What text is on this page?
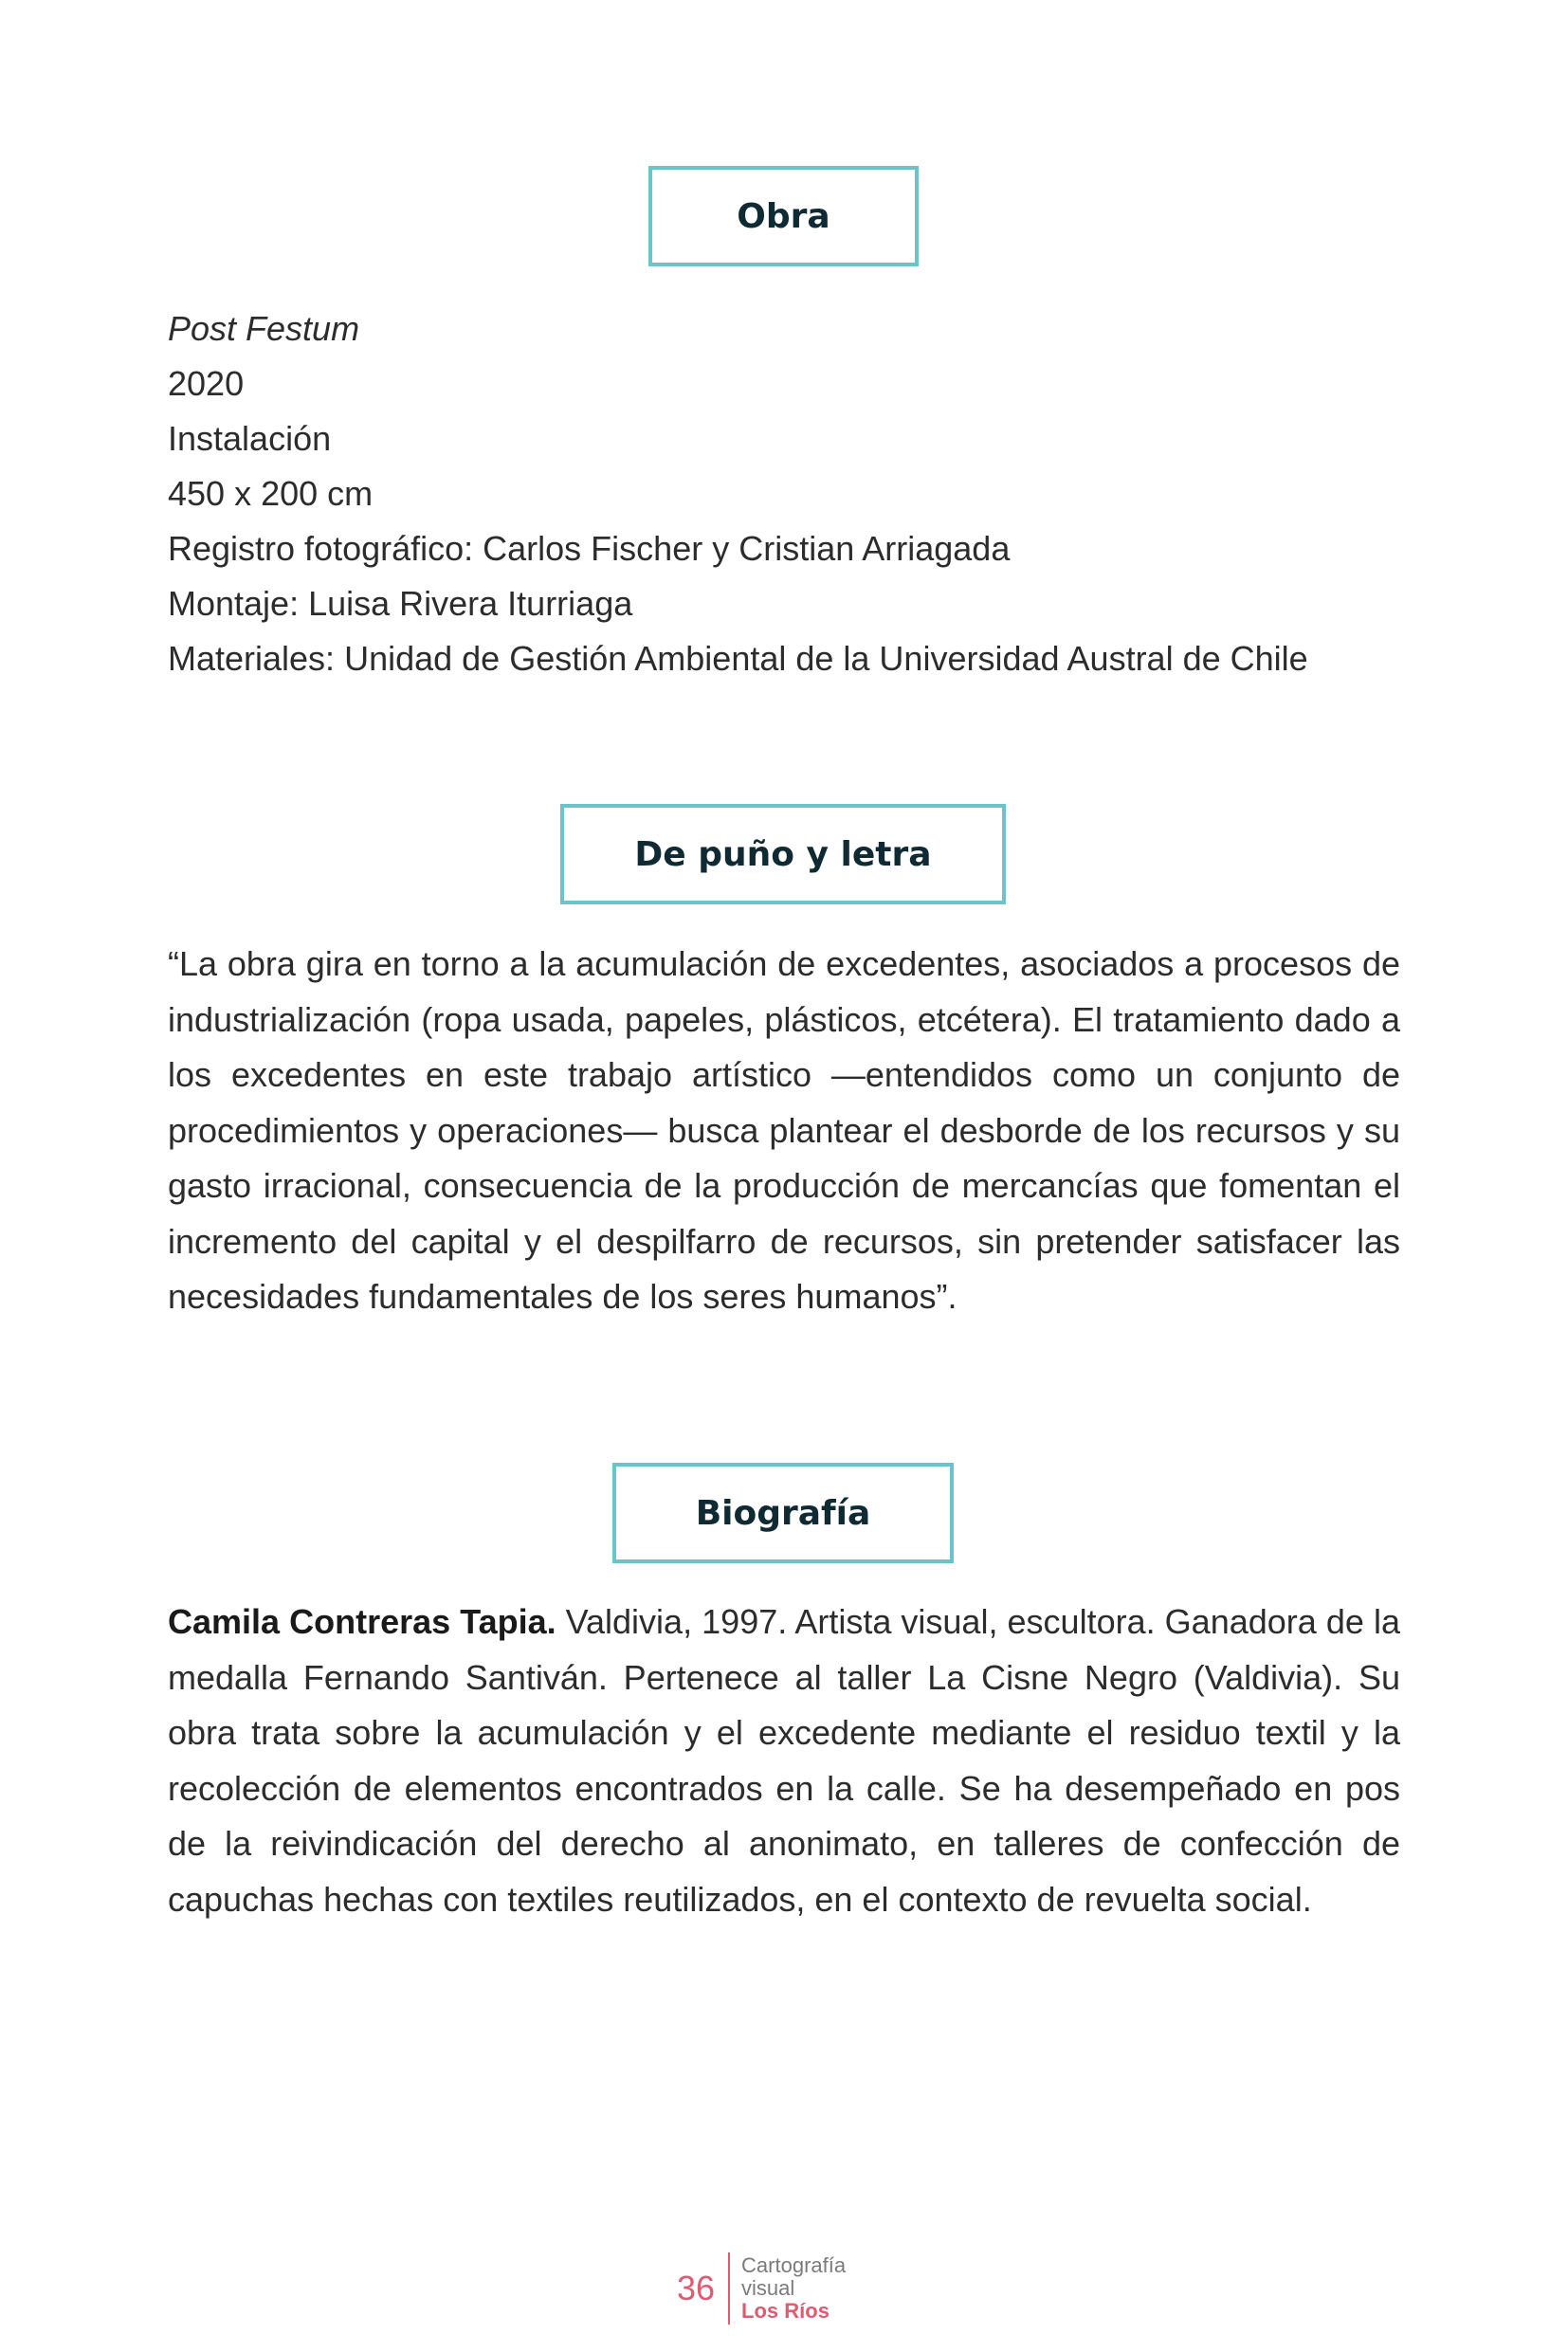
Obra
Post Festum
2020
Instalación
450 x 200 cm
Registro fotográfico: Carlos Fischer y Cristian Arriagada
Montaje: Luisa Rivera Iturriaga
Materiales: Unidad de Gestión Ambiental de la Universidad Austral de Chile
De puño y letra
“La obra gira en torno a la acumulación de excedentes, asociados a procesos de industrialización (ropa usada, papeles, plásticos, etcétera). El tratamiento dado a los excedentes en este trabajo artístico —entendidos como un conjunto de procedimientos y operaciones— busca plantear el desborde de los recursos y su gasto irracional, consecuencia de la producción de mercancías que fomentan el incremento del capital y el despilfarro de recursos, sin pretender satisfacer las necesidades fundamentales de los seres humanos”.
Biografía
Camila Contreras Tapia. Valdivia, 1997. Artista visual, escultora. Ganadora de la medalla Fernando Santiván. Pertenece al taller La Cisne Negro (Valdivia). Su obra trata sobre la acumulación y el excedente mediante el residuo textil y la recolección de elementos encontrados en la calle. Se ha desempeñado en pos de la reivindicación del derecho al anonimato, en talleres de confección de capuchas hechas con textiles reutilizados, en el contexto de revuelta social.
36
Cartografía
visual
Los Ríos
